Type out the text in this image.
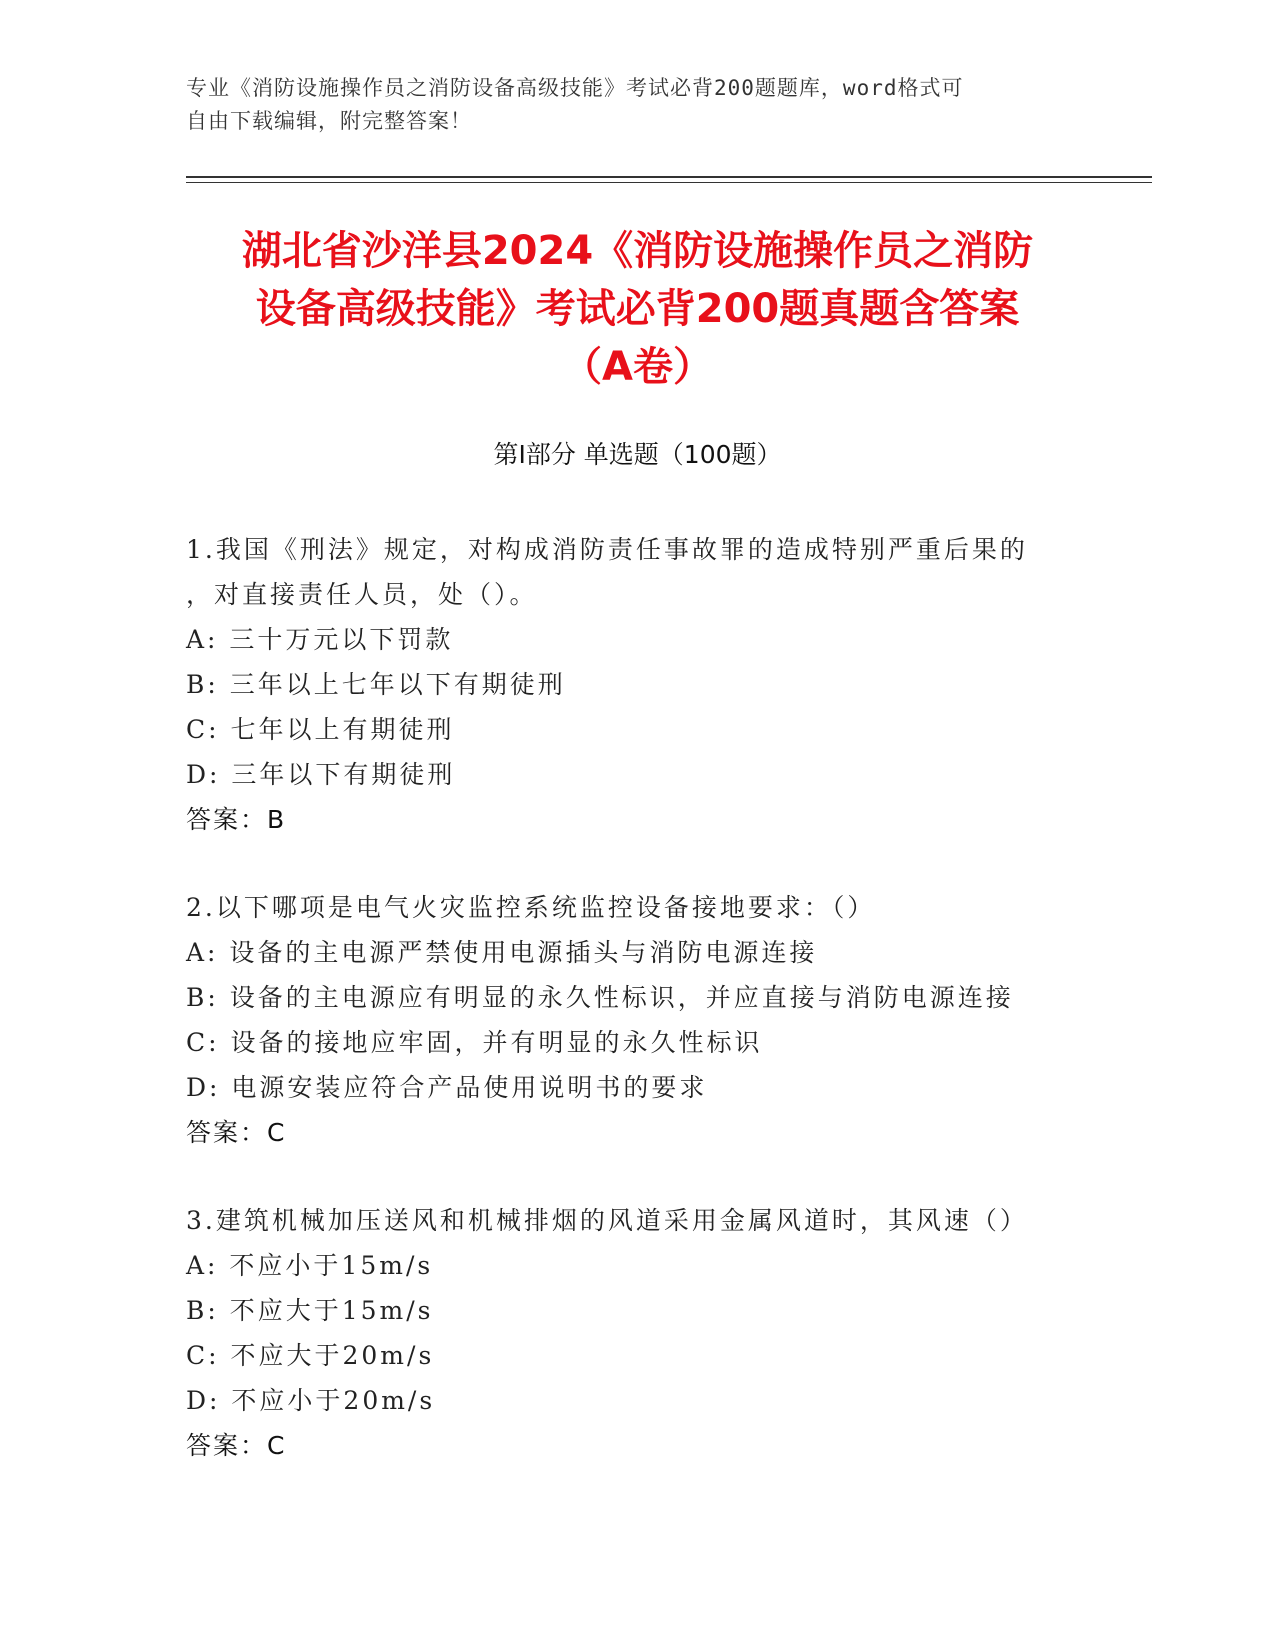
专业《消防设施操作员之消防设备高级技能》考试必背200题题库，word格式可
自由下载编辑，附完整答案！
湖北省沙洋县2024《消防设施操作员之消防
设备高级技能》考试必背200题真题含答案
（A卷）
第Ⅰ部分 单选题（100题）
1.我国《刑法》规定，对构成消防责任事故罪的造成特别严重后果的
，对直接责任人员，处（）。
A: 三十万元以下罚款
B: 三年以上七年以下有期徒刑
C: 七年以上有期徒刑
D: 三年以下有期徒刑
答案：B
2.以下哪项是电气火灾监控系统监控设备接地要求：（）
A: 设备的主电源严禁使用电源插头与消防电源连接
B: 设备的主电源应有明显的永久性标识，并应直接与消防电源连接
C: 设备的接地应牢固，并有明显的永久性标识
D: 电源安装应符合产品使用说明书的要求
答案：C
3.建筑机械加压送风和机械排烟的风道采用金属风道时，其风速（）
A: 不应小于15m/s
B: 不应大于15m/s
C: 不应大于20m/s
D: 不应小于20m/s
答案：C
